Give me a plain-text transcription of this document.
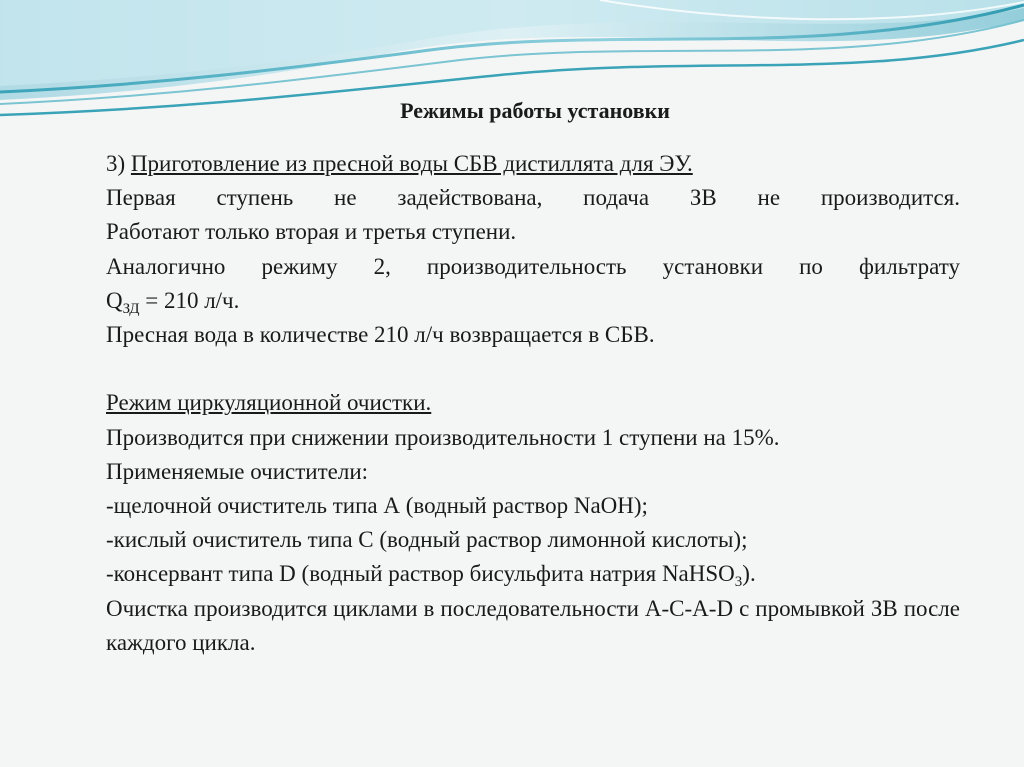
Режимы работы установки

3) Приготовление из пресной воды СБВ дистиллята для ЭУ.

Первая ступень не задействована, подача ЗВ не производится.

Работают только вторая и третья ступени.

Аналогично режиму 2, производительность установки по фильтрату

$Q_{ЗД} = 210$ л/ч.

Пресная вода в количестве 210 л/ч возвращается в СБВ.

Режим циркуляционной очистки.

Производится при снижении производительности 1 ступени на 15%.

Применяемые очистители:

-щелочной очиститель типа А (водный раствор NaOH);

-кислый очиститель типа С (водный раствор лимонной кислоты);

-консервант типа D (водный раствор бисульфита натрия NaHSO$_3$).

Очистка производится циклами в последовательности А-С-А-D с промывкой ЗВ после каждого цикла.
